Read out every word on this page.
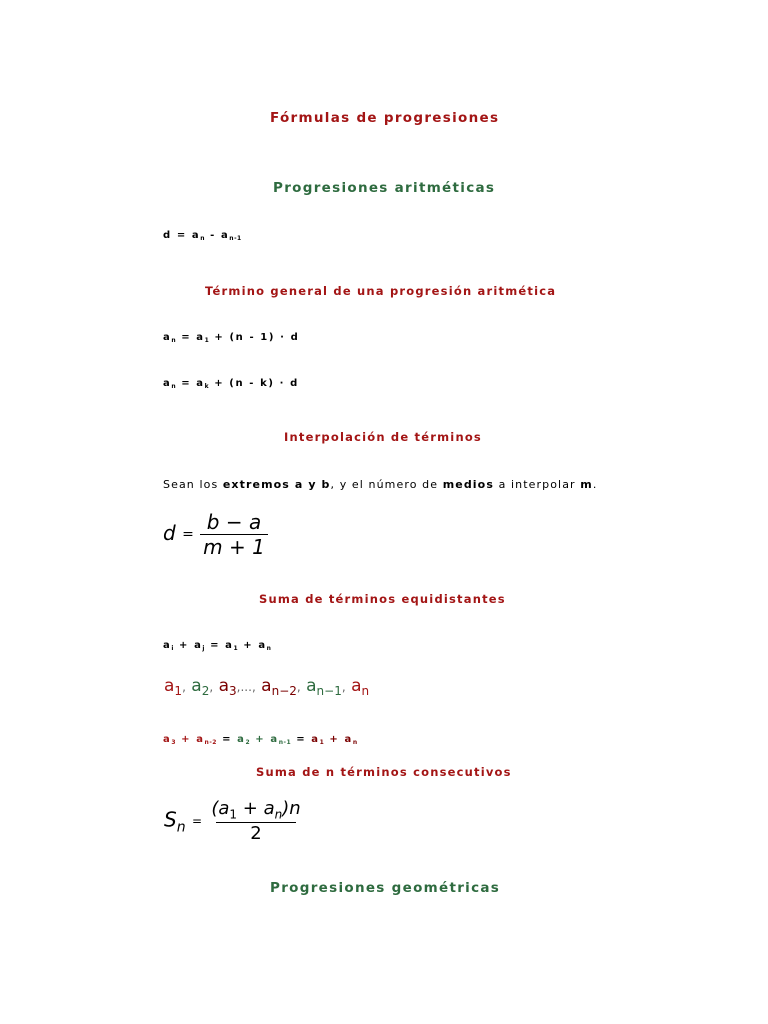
Fórmulas de progresiones
Progresiones aritméticas
$d = a_n - a_{n-1}$
Término general de una progresión aritmética
$a_n = a_1 + (n - 1) \cdot d$
$a_n = a_k + (n - k) \cdot d$
Interpolación de términos
Sean los extremos a y b, y el número de medios a interpolar m.
$d = \frac{b - a}{m + 1}$
Suma de términos equidistantes
$a_i + a_j = a_1 + a_n$
$a_1$, $a_2$, $a_3$,..., $a_{n-2}$, $a_{n-1}$, $a_n$
$a_3 + a_{n-2} = a_2 + a_{n-1} = a_1 + a_n$
Suma de n términos consecutivos
$S_n = \frac{(a_1 + a_n)n}{2}$
Progresiones geométricas
